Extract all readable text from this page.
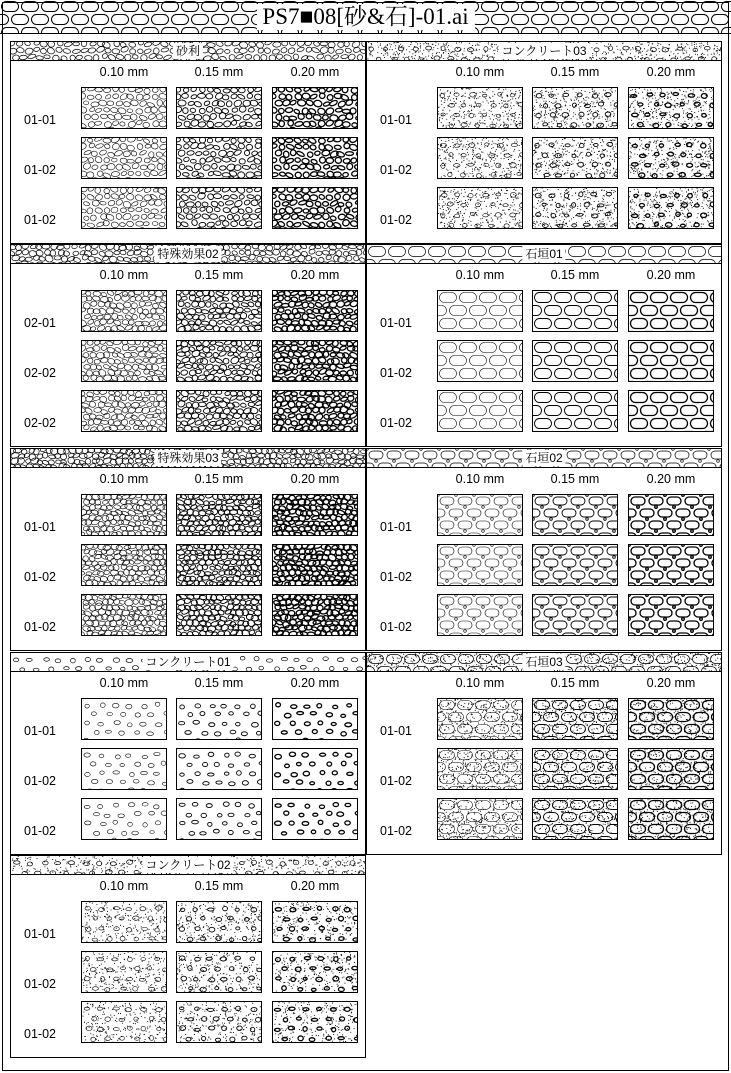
PS7■08[砂&石]-01.ai
砂利
0.10 mm	0.15 mm	0.20 mm
01-01
01-02
01-02
特殊効果02
0.10 mm	0.15 mm	0.20 mm
02-01
02-02
02-02
特殊効果03
0.10 mm	0.15 mm	0.20 mm
01-01
01-02
01-02
コンクリート01
0.10 mm	0.15 mm	0.20 mm
01-01
01-02
01-02
コンクリート02
0.10 mm	0.15 mm	0.20 mm
01-01
01-02
01-02
コンクリート03
0.10 mm	0.15 mm	0.20 mm
01-01
01-02
01-02
石垣01
0.10 mm	0.15 mm	0.20 mm
01-01
01-02
01-02
石垣02
0.10 mm	0.15 mm	0.20 mm
01-01
01-02
01-02
石垣03
0.10 mm	0.15 mm	0.20 mm
01-01
01-02
01-02
